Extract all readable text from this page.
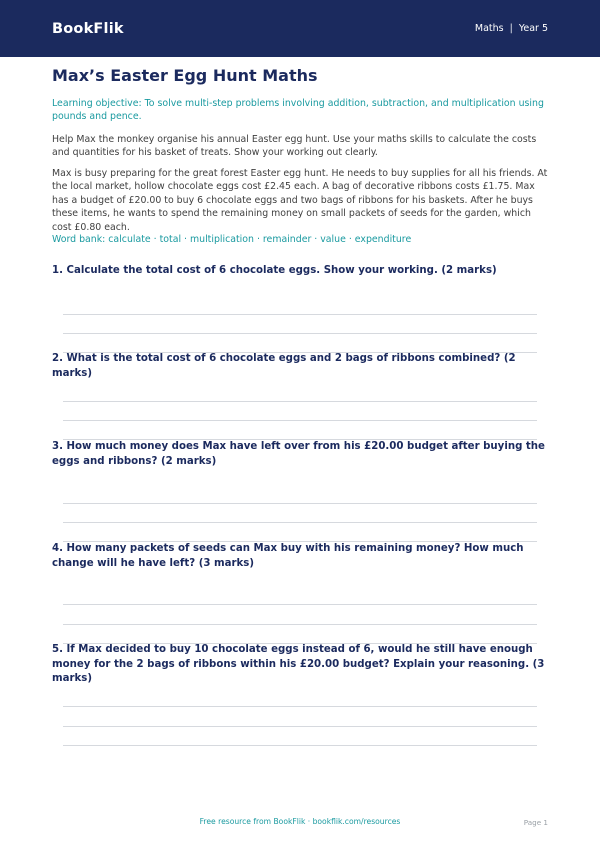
BookFlik	Maths | Year 5
Max’s Easter Egg Hunt Maths

Learning objective: To solve multi-step problems involving addition, subtraction, and multiplication using pounds and pence.

Help Max the monkey organise his annual Easter egg hunt. Use your maths skills to calculate the costs and quantities for his basket of treats. Show your working out clearly.

Max is busy preparing for the great forest Easter egg hunt. He needs to buy supplies for all his friends. At the local market, hollow chocolate eggs cost £2.45 each. A bag of decorative ribbons costs £1.75. Max has a budget of £20.00 to buy 6 chocolate eggs and two bags of ribbons for his baskets. After he buys these items, he wants to spend the remaining money on small packets of seeds for the garden, which cost £0.80 each.

Word bank: calculate · total · multiplication · remainder · value · expenditure

1. Calculate the total cost of 6 chocolate eggs. Show your working. (2 marks)

2. What is the total cost of 6 chocolate eggs and 2 bags of ribbons combined? (2 marks)

3. How much money does Max have left over from his £20.00 budget after buying the eggs and ribbons? (2 marks)

4. How many packets of seeds can Max buy with his remaining money? How much change will he have left? (3 marks)

5. If Max decided to buy 10 chocolate eggs instead of 6, would he still have enough money for the 2 bags of ribbons within his £20.00 budget? Explain your reasoning. (3 marks)

Free resource from BookFlik · bookflik.com/resources	Page 1
